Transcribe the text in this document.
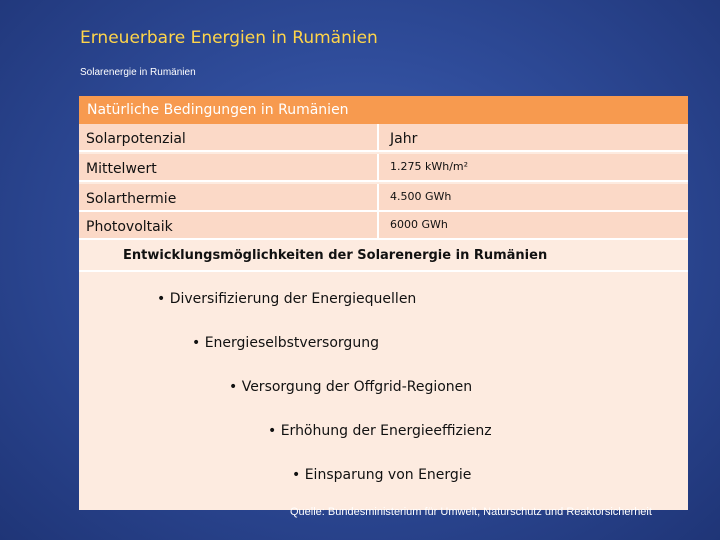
Erneuerbare Energien in Rumänien
Solarenergie in Rumänien
Natürliche Bedingungen in Rumänien
Solarpotenzial	Jahr
Mittelwert	1.275 kWh/m²
Solarthermie	4.500 GWh
Photovoltaik	6000 GWh
Entwicklungsmöglichkeiten der Solarenergie in Rumänien
• Diversifizierung der Energiequellen
• Energieselbstversorgung
• Versorgung der Offgrid-Regionen
• Erhöhung der Energieeffizienz
• Einsparung von Energie
Quelle: Bundesministerium für Umwelt, Naturschutz und Reaktorsicherheit
